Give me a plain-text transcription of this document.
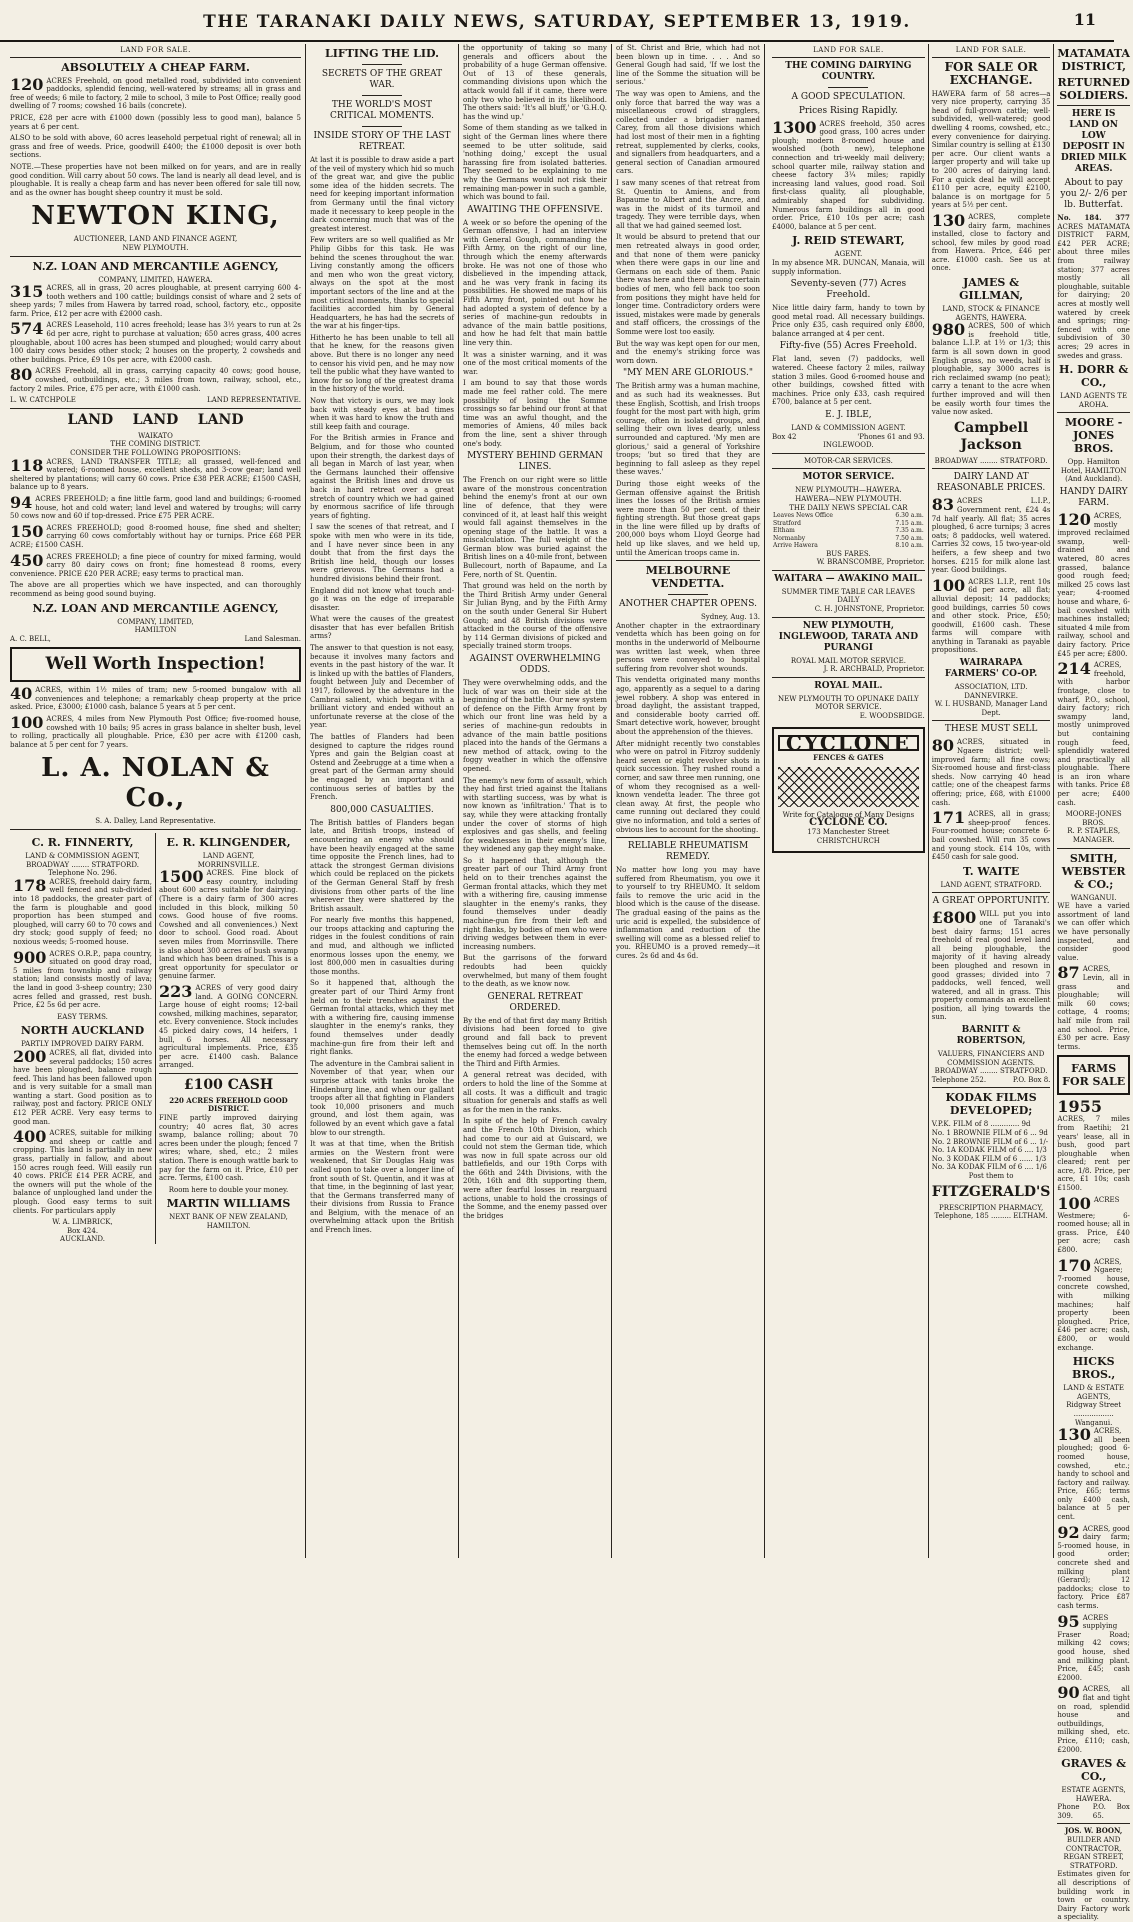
THE TARANAKI DAILY NEWS, SATURDAY, SEPTEMBER 13, 1919.	11
LAND FOR SALE.
ABSOLUTELY A CHEAP FARM.

120 ACRES Freehold, on good metalled road, subdivided into convenient paddocks, splendid fencing, well-watered by streams; all in grass and free of weeds; 6 mile to factory, 2 mile to school, 3 mile to Post Office; really good dwelling of 7 rooms; cowshed 16 bails (concrete).

PRICE, £28 per acre with £1000 down (possibly less to good man), balance 5 years at 6 per cent.

ALSO to be sold with above, 60 acres leasehold perpetual right of renewal; all in grass and free of weeds. Price, goodwill £400; the £1000 deposit is over both sections.

NOTE.—These properties have not been milked on for years, and are in really good condition. Will carry about 50 cows. The land is nearly all dead level, and is ploughable. It is really a cheap farm and has never been offered for sale till now, and as the owner has bought sheep country it must be sold.

NEWTON KING,
AUCTIONEER, LAND AND FINANCE AGENT,
NEW PLYMOUTH.
N.Z. LOAN AND MERCANTILE AGENCY,
COMPANY, LIMITED, HAWERA.

315 ACRES, all in grass, 20 acres ploughable, at present carrying 600 4-tooth wethers and 100 cattle; buildings consist of whare and 2 sets of sheep yards; 7 miles from Hawera by tarred road, school, factory, etc., opposite farm. Price, £12 per acre with £2000 cash.

574 ACRES Leasehold, 110 acres freehold; lease has 3½ years to run at 2s 6d per acre, right to purchase at valuation; 650 acres grass, 400 acres ploughable, about 100 acres has been stumped and ploughed; would carry about 100 dairy cows besides other stock; 2 houses on the property, 2 cowsheds and other buildings. Price, £9 10s per acre, with £2000 cash.

80 ACRES Freehold, all in grass, carrying capacity 40 cows; good house, cowshed, outbuildings, etc.; 3 miles from town, railway, school, etc., factory 2 miles. Price, £75 per acre, with £1000 cash.

L. W. CATCHPOLE	LAND REPRESENTATIVE.
LAND    LAND    LAND
WAIKATO
THE COMING DISTRICT.
CONSIDER THE FOLLOWING PROPOSITIONS:

118 ACRES, LAND TRANSFER TITLE; all grassed, well-fenced and watered; 6-roomed house, excellent sheds, and 3-cow gear; land well sheltered by plantations; will carry 60 cows. Price £38 PER ACRE; £1500 CASH, balance up to 8 years.

94 ACRES FREEHOLD; a fine little farm, good land and buildings; 6-roomed house, hot and cold water; land level and watered by troughs; will carry 50 cows now and 60 if top-dressed. Price £75 PER ACRE.

150 ACRES FREEHOLD; good 8-roomed house, fine shed and shelter; carrying 60 cows comfortably without hay or turnips. Price £68 PER ACRE; £1500 CASH.

450 ACRES FREEHOLD; a fine piece of country for mixed farming, would carry 80 dairy cows on front; fine homestead 8 rooms, every convenience. PRICE £20 PER ACRE; easy terms to practical man.

The above are all properties which we have inspected, and can thoroughly recommend as being good sound buying.

N.Z. LOAN AND MERCANTILE AGENCY,
COMPANY, LIMITED,
HAMILTON
A. C. BELL,	Land Salesman.
Well Worth Inspection!

40 ACRES, within 1½ miles of tram; new 5-roomed bungalow with all conveniences and telephone; a remarkably cheap property at the price asked. Price, £3000; £1000 cash, balance 5 years at 5 per cent.

100 ACRES, 4 miles from New Plymouth Post Office; five-roomed house, cowshed with 10 bails; 95 acres in grass balance in shelter bush, level to rolling, practically all ploughable. Price, £30 per acre with £1200 cash, balance at 5 per cent for 7 years.

L. A. NOLAN & Co.,
S. A. Dalley, Land Representative.
C. R. FINNERTY,
LAND & COMMISSION AGENT,
BROADWAY ........ STRATFORD.
Telephone No. 296.

178 ACRES, freehold dairy farm, well fenced and sub-divided into 18 paddocks, the greater part of the farm is ploughable and good proportion has been stumped and ploughed, will carry 60 to 70 cows and dry stock; good supply of feed; no noxious weeds; 5-roomed house.

900 ACRES O.R.P., papa country, situated on good dray road, 5 miles from township and railway station; land consists mostly of lava; the land in good 3-sheep country; 230 acres felled and grassed, rest bush. Price, £2 5s 6d per acre.

EASY TERMS.
NORTH AUCKLAND
PARTLY IMPROVED DAIRY FARM.

200 ACRES, all flat, divided into several paddocks; 150 acres have been ploughed, balance rough feed. This land has been fallowed upon and is very suitable for a small man wanting a start. Good position as to railway, post and factory. PRICE ONLY £12 PER ACRE. Very easy terms to good man.

400 ACRES, suitable for milking and sheep or cattle and cropping. This land is partially in new grass, partially in fallow, and about 150 acres rough feed. Will easily run 40 cows. PRICE £14 PER ACRE, and the owners will put the whole of the balance of unploughed land under the plough. Good easy terms to suit clients. For particulars apply

W. A. LIMBRICK,
Box 424.
AUCKLAND.
E. R. KLINGENDER,
LAND AGENT,
MORRINSVILLE.

1500 ACRES. Fine block of easy country, including about 600 acres suitable for dairying. (There is a dairy farm of 300 acres included in this block, milking 50 cows. Good house of five rooms. Cowshed and all conveniences.) Next door to school. Good road. About seven miles from Morrinsville. There is also about 300 acres of bush swamp land which has been drained. This is a great opportunity for speculator or genuine farmer.

223 ACRES of very good dairy land. A GOING CONCERN. Large house of eight rooms; 12-bail cowshed, milking machines, separator, etc. Every convenience. Stock includes 45 picked dairy cows, 14 heifers, 1 bull, 6 horses. All necessary agricultural implements. Price, £35 per acre. £1400 cash. Balance arranged.

£100 CASH
220 ACRES FREEHOLD GOOD DISTRICT.

FINE partly improved dairying country; 40 acres flat, 30 acres swamp, balance rolling; about 70 acres been under the plough; fenced 7 wires; whare, shed, etc.; 2 miles station. There is enough wattle bark to pay for the farm on it. Price, £10 per acre. Terms, £100 cash.

Room here to double your money.
MARTIN WILLIAMS
NEXT BANK OF NEW ZEALAND, HAMILTON.
LIFTING THE LID.
SECRETS OF THE GREAT WAR.
THE WORLD'S MOST CRITICAL MOMENTS.
INSIDE STORY OF THE LAST RETREAT.

At last it is possible to draw aside a part of the veil of mystery which hid so much of the great war, and give the public some idea of the hidden secrets. The need for keeping important information from Germany until the final victory made it necessary to keep people in the dark concerning much that was of the greatest interest.

Few writers are so well qualified as Mr Philip Gibbs for this task. He was behind the scenes throughout the war. Living constantly among the officers and men who won the great victory, always on the spot at the most important sectors of the line and at the most critical moments, thanks to special facilities accorded him by General Headquarters, he has had the secrets of the war at his finger-tips.

Hitherto he has been unable to tell all that he knew, for the reasons given above. But there is no longer any need to censor his vivid pen, and he may now tell the public what they have wanted to know for so long of the greatest drama in the history of the world.

Now that victory is ours, we may look back with steady eyes at bad times when it was hard to know the truth and still keep faith and courage.

For the British armies in France and Belgium, and for those who counted upon their strength, the darkest days of all began in March of last year, when the Germans launched their offensive against the British lines and drove us back in hard retreat over a great stretch of country which we had gained by enormous sacrifice of life through years of fighting.

I saw the scenes of that retreat, and I spoke with men who were in its tide, and I have never since been in any doubt that from the first days the British line held, though our losses were grievous. The Germans had a hundred divisions behind their front.

England did not know what touch and-go it was on the edge of irreparable disaster.

What were the causes of the greatest disaster that has ever befallen British arms?

The answer to that question is not easy, because it involves many factors and events in the past history of the war. It is linked up with the battles of Flanders, fought between July and December of 1917, followed by the adventure in the Cambrai salient, which began with a brilliant victory and ended without an unfortunate reverse at the close of the year.

The battles of Flanders had been designed to capture the ridges round Ypres and gain the Belgian coast at Ostend and Zeebrugge at a time when a great part of the German army should be engaged by an important and continuous series of battles by the French.

800,000 CASUALTIES.

The British battles of Flanders began late, and British troops, instead of encountering an enemy who should have been heavily engaged at the same time opposite the French lines, had to attack the strongest German divisions which could be replaced on the pickets of the German General Staff by fresh divisions from other parts of the line wherever they were shattered by the British assault.

For nearly five months this happened, our troops attacking and capturing the ridges in the foulest conditions of rain and mud, and although we inflicted enormous losses upon the enemy, we lost 800,000 men in casualties during those months.

So it happened that, although the greater part of our Third Army front held on to their trenches against the German frontal attacks, which they met with a withering fire, causing immense slaughter in the enemy's ranks, they found themselves under deadly machine-gun fire from their left and right flanks.

The adventure in the Cambrai salient in November of that year, when our surprise attack with tanks broke the Hindenburg line, and when our gallant troops after all that fighting in Flanders took 10,000 prisoners and much ground, and lost them again, was followed by an event which gave a fatal blow to our strength.

It was at that time, when the British armies on the Western front were weakened, that Sir Douglas Haig was called upon to take over a longer line of front south of St. Quentin, and it was at that time, in the beginning of last year, that the Germans transferred many of their divisions from Russia to France and Belgium, with the menace of an overwhelming attack upon the British and French lines.

the opportunity of taking so many generals and officers about the probability of a huge German offensive. Out of 13 of these generals, commanding divisions upon which the attack would fall if it came, there were only two who believed in its likelihood. The others said: 'It's all bluff,' or 'G.H.Q. has the wind up.'

Some of them standing as we talked in sight of the German lines where there seemed to be utter solitude, said 'nothing doing,' except the usual harassing fire from isolated batteries. They seemed to be explaining to me why the Germans would not risk their remaining man-power in such a gamble, which was bound to fail.

AWAITING THE OFFENSIVE.

A week or so before the opening of the German offensive, I had an interview with General Gough, commanding the Fifth Army, on the right of our line, through which the enemy afterwards broke. He was not one of those who disbelieved in the impending attack, and he was very frank in facing its possibilities. He showed me maps of his Fifth Army front, pointed out how he had adopted a system of defence by a series of machine-gun redoubts in advance of the main battle positions, and how he had felt that main battle line very thin.

It was a sinister warning, and it was one of the most critical moments of the war.

I am bound to say that those words made me feel rather cold. The mere possibility of losing the Somme crossings so far behind our front at that time was an awful thought, and the memories of Amiens, 40 miles back from the line, sent a shiver through one's body.

MYSTERY BEHIND GERMAN LINES.

The French on our right were so little aware of the monstrous concentration behind the enemy's front at our own line of defence, that they were convinced of it, at least half this weight would fall against themselves in the opening stage of the battle. It was a miscalculation. The full weight of the German blow was buried against the British lines on a 40-mile front, between Bullecourt, north of Bapaume, and La Fere, north of St. Quentin.

That ground was held on the north by the Third British Army under General Sir Julian Byng, and by the Fifth Army on the south under General Sir Hubert Gough; and 48 British divisions were attacked in the course of the offensive by 114 German divisions of picked and specially trained storm troops.

AGAINST OVERWHELMING ODDS.

They were overwhelming odds, and the luck of war was on their side at the beginning of the battle. Our new system of defence on the Fifth Army front by which our front line was held by a series of machine-gun redoubts in advance of the main battle positions placed into the hands of the Germans a new method of attack, owing to the foggy weather in which the offensive opened.

The enemy's new form of assault, which they had first tried against the Italians with startling success, was by what is now known as 'infiltration.' That is to say, while they were attacking frontally under the cover of storms of high explosives and gas shells, and feeling for weaknesses in their enemy's line, they widened any gap they might make.

So it happened that, although the greater part of our Third Army front held on to their trenches against the German frontal attacks, which they met with a withering fire, causing immense slaughter in the enemy's ranks, they found themselves under deadly machine-gun fire from their left and right flanks, by bodies of men who were driving wedges between them in ever-increasing numbers.

But the garrisons of the forward redoubts had been quickly overwhelmed, but many of them fought to the death, as we know now.

GENERAL RETREAT ORDERED.

By the end of that first day many British divisions had been forced to give ground and fall back to prevent themselves being cut off. In the north the enemy had forced a wedge between the Third and Fifth Armies.

A general retreat was decided, with orders to hold the line of the Somme at all costs. It was a difficult and tragic situation for generals and staffs as well as for the men in the ranks.

In spite of the help of French cavalry and the French 10th Division, which had come to our aid at Guiscard, we could not stem the German tide, which was now in full spate across our old battlefields, and our 19th Corps with the 66th and 24th Divisions, with the 20th, 16th and 8th supporting them, were after fearful losses in rearguard actions, unable to hold the crossings of the Somme, and the enemy passed over the bridges

of St. Christ and Brie, which had not been blown up in time. . . . And so General Gough had said, 'If we lost the line of the Somme the situation will be serious.'

The way was open to Amiens, and the only force that barred the way was a miscellaneous crowd of stragglers, collected under a brigadier named Carey, from all those divisions which had lost most of their men in a fighting retreat, supplemented by clerks, cooks, and signallers from headquarters, and a general section of Canadian armoured cars.

I saw many scenes of that retreat from St. Quentin to Amiens, and from Bapaume to Albert and the Ancre, and was in the midst of its turmoil and tragedy. They were terrible days, when all that we had gained seemed lost.

It would be absurd to pretend that our men retreated always in good order, and that none of them were panicky when there were gaps in our line and Germans on each side of them. Panic there was here and there among certain bodies of men, who fell back too soon from positions they might have held for longer time. Contradictory orders were issued, mistakes were made by generals and staff officers, the crossings of the Somme were lost too easily.

But the way was kept open for our men, and the enemy's striking force was worn down.

"MY MEN ARE GLORIOUS."

The British army was a human machine, and as such had its weaknesses. But these English, Scottish, and Irish troops fought for the most part with high, grim courage, often in isolated groups, and selling their own lives dearly, unless surrounded and captured. 'My men are glorious,' said a general of Yorkshire troops; 'but so tired that they are beginning to fall asleep as they repel these waves.'

During those eight weeks of the German offensive against the British lines the losses of the British armies were more than 50 per cent. of their fighting strength. But those great gaps in the line were filled up by drafts of 200,000 boys whom Lloyd George had held up like slaves, and we held up, until the American troops came in.

MELBOURNE VENDETTA.
ANOTHER CHAPTER OPENS.
Sydney, Aug. 13.

Another chapter in the extraordinary vendetta which has been going on for months in the underworld of Melbourne was written last week, when three persons were conveyed to hospital suffering from revolver shot wounds.

This vendetta originated many months ago, apparently as a sequel to a daring jewel robbery. A shop was entered in broad daylight, the assistant trapped, and considerable booty carried off. Smart detective work, however, brought about the apprehension of the thieves.

After midnight recently two constables who were on patrol in Fitzroy suddenly heard seven or eight revolver shots in quick succession. They rushed round a corner, and saw three men running, one of whom they recognised as a well-known vendetta leader. The three got clean away. At first, the people who came running out declared they could give no information, and told a series of obvious lies to account for the shooting.

RELIABLE RHEUMATISM REMEDY.

No matter how long you may have suffered from Rheumatism, you owe it to yourself to try RHEUMO. It seldom fails to remove the uric acid in the blood which is the cause of the disease. The gradual easing of the pains as the uric acid is expelled, the subsidence of inflammation and reduction of the swelling will come as a blessed relief to you. RHEUMO is a proved remedy—it cures. 2s 6d and 4s 6d.

LAND FOR SALE.
THE COMING DAIRYING COUNTRY.
A GOOD SPECULATION.
Prices Rising Rapidly.

1300 ACRES freehold, 350 acres good grass, 100 acres under plough; modern 8-roomed house and woolshed (both new), telephone connection and tri-weekly mail delivery; school quarter mile, railway station and cheese factory 3¼ miles; rapidly increasing land values, good road. Soil first-class quality, all ploughable, admirably shaped for subdividing. Numerous farm buildings all in good order. Price, £10 10s per acre; cash £4000, balance at 5 per cent.

J. REID STEWART,
AGENT.

In my absence MR. DUNCAN, Manaia, will supply information.

Seventy-seven (77) Acres Freehold.

Nice little dairy farm, handy to town by good metal road. All necessary buildings. Price only £35, cash required only £800, balance arranged at 4 per cent.

Fifty-five (55) Acres Freehold.

Flat land, seven (7) paddocks, well watered. Cheese factory 2 miles, railway station 3 miles. Good 6-roomed house and other buildings, cowshed fitted with machines. Price only £33, cash required £700, balance at 5 per cent.

E. J. IBLE,
LAND & COMMISSION AGENT.
Box 42	'Phones 61 and 93.
INGLEWOOD.
MOTOR-CAR SERVICES.
MOTOR SERVICE.
NEW PLYMOUTH—HAWERA.
HAWERA—NEW PLYMOUTH.
THE DAILY NEWS SPECIAL CAR
Leaves News Office	6.30 a.m.
Stratford	7.15 a.m.
Eltham	7.35 a.m.
Normanby	7.50 a.m.
Arrive Hawera	8.10 a.m.
BUS FARES.
W. BRANSCOMBE, Proprietor.
WAITARA — AWAKINO MAIL.
SUMMER TIME TABLE CAR LEAVES DAILY
C. H. JOHNSTONE, Proprietor.
NEW PLYMOUTH, INGLEWOOD, TARATA AND PURANGI
ROYAL MAIL MOTOR SERVICE.
J. R. ARCHBALD, Proprietor.
ROYAL MAIL.
NEW PLYMOUTH TO OPUNAKE DAILY MOTOR SERVICE.
E. WOODSBIDGE.
CYCLONE
FENCES & GATES
Write for Catalogue of Many Designs
CYCLONE CO.
173 Manchester Street CHRISTCHURCH
LAND FOR SALE.
FOR SALE OR EXCHANGE.

HAWERA farm of 58 acres—a very nice property, carrying 35 head of full-grown cattle; well-subdivided, well-watered; good dwelling 4 rooms, cowshed, etc.; every convenience for dairying. Similar country is selling at £130 per acre. Our client wants a larger property and will take up to 200 acres of dairying land. For a quick deal he will accept £110 per acre, equity £2100, balance is on mortgage for 5 years at 5½ per cent.

130 ACRES, complete dairy farm, machines installed, close to factory and school, few miles by good road from Hawera. Price, £46 per acre. £1000 cash. See us at once.

JAMES & GILLMAN,
LAND, STOCK & FINANCE AGENTS, HAWERA.

980 ACRES, 500 of which is freehold title, balance L.I.P. at 1½ or 1/3; this farm is all sown down in good English grass, no weeds, half is ploughable, say 3000 acres is rich reclaimed swamp (no peat); carry a tenant to the acre when further improved and will then be easily worth four times the value now asked.

Campbell Jackson
BROADWAY ........ STRATFORD.
DAIRY LAND AT REASONABLE PRICES.

83 ACRES L.I.P., Government rent, £24 4s 7d half yearly. All flat; 35 acres ploughed, 6 acre turnips; 3 acres oats; 8 paddocks, well watered. Carries 32 cows, 15 two-year-old heifers, a few sheep and two horses. £215 for milk alone last year. Good buildings.

100 ACRES L.I.P., rent 10s 6d per acre, all flat; alluvial deposit; 14 paddocks; good buildings, carries 50 cows and other stock. Price, £50; goodwill, £1600 cash. These farms will compare with anything in Taranaki as payable propositions.

WAIRARAPA FARMERS' CO-OP.
ASSOCIATION, LTD. DANNEVIRKE.
W. I. HUSBAND, Manager Land Dept.
THESE MUST SELL

80 ACRES, situated in Ngaere district; well-improved farm; all fine cows; Six-roomed house and first-class sheds. Now carrying 40 head cattle; one of the cheapest farms offering; price, £68, with £1000 cash.

171 ACRES, all in grass; sheep-proof fences. Four-roomed house; concrete 6-bail cowshed. Will run 35 cows and young stock. £14 10s, with £450 cash for sale good.

T. WAITE
LAND AGENT, STRATFORD.
A GREAT OPPORTUNITY.

£800 WILL put you into one of Taranaki's best dairy farms; 151 acres freehold of real good level land all being ploughable, the majority of it having already been ploughed and resown in good grasses; divided into 7 paddocks, well fenced, well watered, and all in grass. This property commands an excellent position, all lying towards the sun.

BARNITT & ROBERTSON,
VALUERS, FINANCIERS AND COMMISSION AGENTS.
BROADWAY ........ STRATFORD.
Telephone 252.	P.O. Box 8.
KODAK FILMS DEVELOPED;
V.P.K. FILM of 8 ............. 9d
No. 1 BROWNIE FILM of 6 ... 9d
No. 2 BROWNIE FILM of 6 ... 1/-
No. 1A KODAK FILM of 6 .... 1/3
No. 3 KODAK FILM of 6 ...... 1/3
No. 3A KODAK FILM of 6 .... 1/6
Post them to
FITZGERALD'S
PRESCRIPTION PHARMACY,
Telephone, 185 ......... ELTHAM.
MATAMATA DISTRICT,
RETURNED SOLDIERS.
HERE IS LAND ON LOW DEPOSIT IN DRIED MILK AREAS.
About to pay you 2/- 2/6 per lb. Butterfat.

No. 184. 377 ACRES MATAMATA DISTRICT FARM, £42 PER ACRE; about three miles from railway station; 377 acres mostly all ploughable, suitable for dairying; 20 acres at mostly well watered by creek and springs; ring-fenced with one subdivision of 30 acres; 29 acres in swedes and grass.

H. DORR & CO.,
LAND AGENTS TE AROHA.
MOORE - JONES BROS.
Opp. Hamilton Hotel, HAMILTON (And Auckland).
HANDY DAIRY FARM.

120 ACRES, mostly improved reclaimed swamp, well-drained and watered, 80 acres grassed, balance good rough feed; milked 25 cows last year; 4-roomed house and whare, 6-bail cowshed with machines installed; situated 4 mile from railway, school and dairy factory. Price £45 per acre; £800.

214 ACRES, freehold, with harbor frontage, close to wharf, P.O., school, dairy factory; rich swampy land, mostly unimproved but containing rough feed, splendidly watered and practically all ploughable. There is an iron whare with tanks. Price £8 per acre; £400 cash.

MOORE-JONES BROS.
R. P. STAPLES, MANAGER.
SMITH, WEBSTER & CO.;
WANGANUI.

WE have a varied assortment of land we can offer which we have personally inspected, and consider good value.

87 ACRES, Levin, all in grass and ploughable; will milk 60 cows; cottage, 4 rooms; half mile from rail and school. Price, £30 per acre. Easy terms.

FARMS FOR SALE

1955
ACRES, 7 miles from Raetihi; 21 years' lease, all in bush, good part ploughable when cleared; rent per acre, 1/8. Price, per acre, £1 10s; cash £1500.

100 ACRES Westmere; 6-roomed house; all in grass. Price, £40 per acre; cash £800.

170 ACRES, Ngaere; 7-roomed house, concrete cowshed, with milking machines; half property been ploughed. Price, £46 per acre; cash, £800, or would exchange.

HICKS BROS.,
LAND & ESTATE AGENTS,
Ridgway Street .................. Wanganui.

130 ACRES, all been ploughed; good 6-roomed house, cowshed, etc.; handy to school and factory and railway. Price, £65; terms only £400 cash, balance at 5 per cent.

92 ACRES, good dairy farm; 5-roomed house, in good order; concrete shed and milking plant (Gerard); 12 paddocks; close to factory. Price £87 cash terms.

95 ACRES supplying Fraser Road; milking 42 cows; good house, shed and milking plant. Price, £45; cash £2000.

90 ACRES, all flat and tight on road, splendid house and outbuildings, milking shed, etc. Price, £110; cash, £2000.

GRAVES & CO.,
ESTATE AGENTS, HAWERA.
Phone 309.
P.O. Box 65.
JOS. W. BOON,
BUILDER AND CONTRACTOR, REGAN STREET, STRATFORD.

Estimates given for all descriptions of building work in town or country. Dairy Factory work a speciality.
